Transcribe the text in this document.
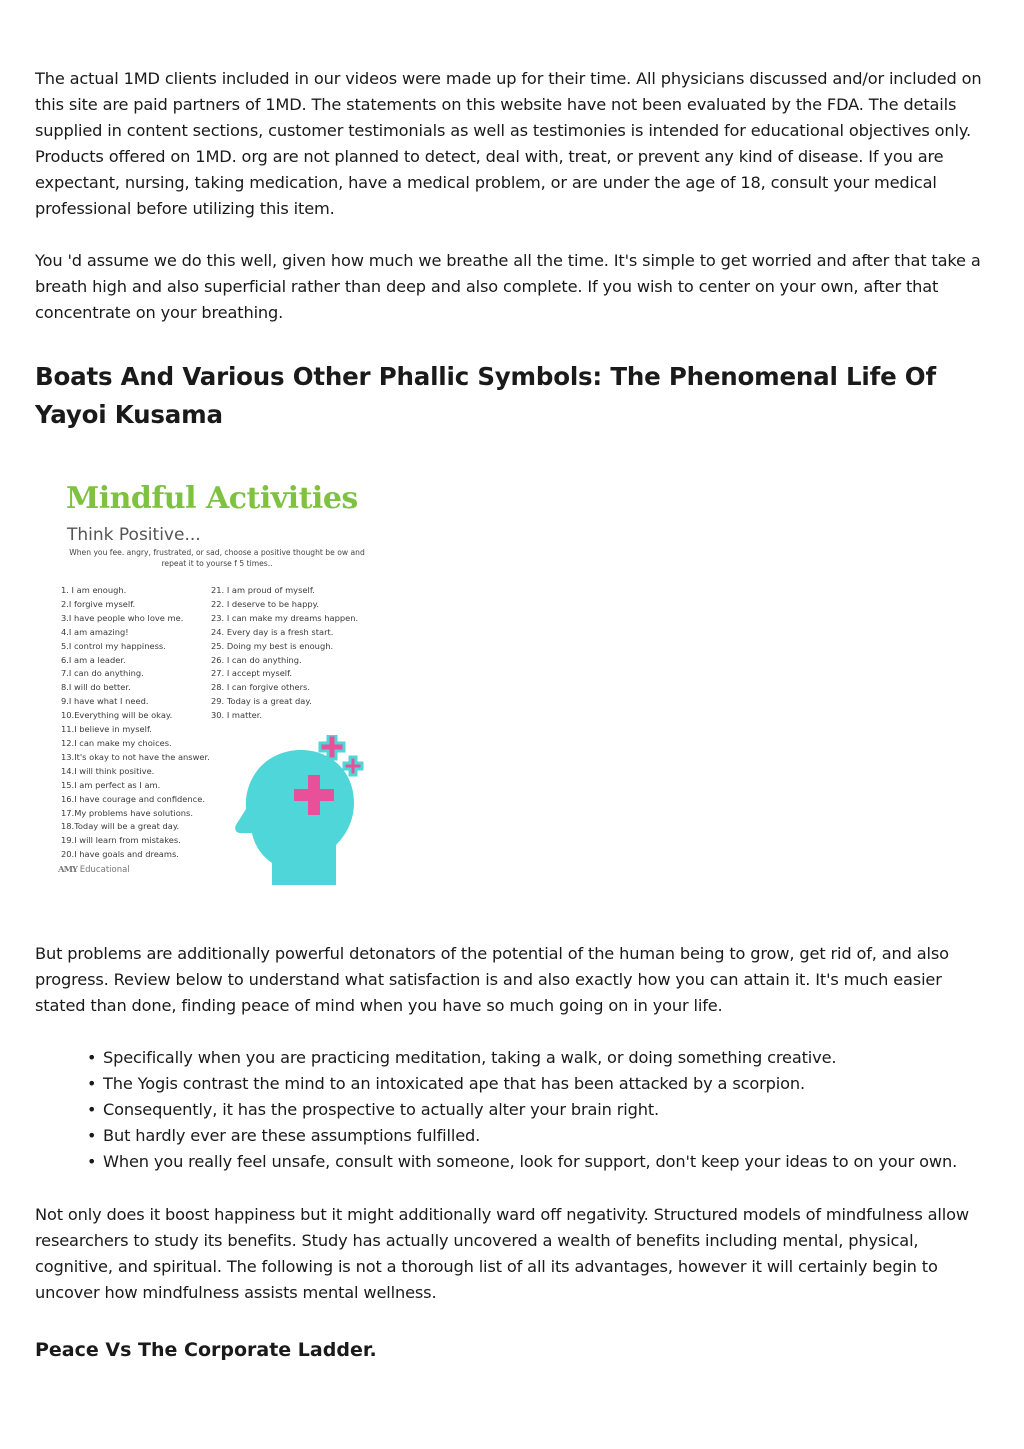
The actual 1MD clients included in our videos were made up for their time. All physicians discussed and/or included on this site are paid partners of 1MD. The statements on this website have not been evaluated by the FDA. The details supplied in content sections, customer testimonials as well as testimonies is intended for educational objectives only. Products offered on 1MD. org are not planned to detect, deal with, treat, or prevent any kind of disease. If you are expectant, nursing, taking medication, have a medical problem, or are under the age of 18, consult your medical professional before utilizing this item.

You 'd assume we do this well, given how much we breathe all the time. It's simple to get worried and after that take a breath high and also superficial rather than deep and also complete. If you wish to center on your own, after that concentrate on your breathing.

Boats And Various Other Phallic Symbols: The Phenomenal Life Of Yayoi Kusama

But problems are additionally powerful detonators of the potential of the human being to grow, get rid of, and also progress. Review below to understand what satisfaction is and also exactly how you can attain it. It's much easier stated than done, finding peace of mind when you have so much going on in your life.

• Specifically when you are practicing meditation, taking a walk, or doing something creative.
• The Yogis contrast the mind to an intoxicated ape that has been attacked by a scorpion.
• Consequently, it has the prospective to actually alter your brain right.
• But hardly ever are these assumptions fulfilled.
• When you really feel unsafe, consult with someone, look for support, don't keep your ideas to on your own.

Not only does it boost happiness but it might additionally ward off negativity. Structured models of mindfulness allow researchers to study its benefits. Study has actually uncovered a wealth of benefits including mental, physical, cognitive, and spiritual. The following is not a thorough list of all its advantages, however it will certainly begin to uncover how mindfulness assists mental wellness.

Peace Vs The Corporate Ladder.
Mindful Activities
Think Positive...
When you fee. angry, frustrated, or sad, choose a positive thought be ow and repeat it to yourse f 5 times..
1. I am enough.
2.I forgive myself.
3.I have people who love me.
4.I am amazing!
5.I control my happiness.
6.I am a leader.
7.I can do anything.
8.I will do better.
9.I have what I need.
10.Everything will be okay.
11.I believe in myself.
12.I can make my choices.
13.It's okay to not have the answer.
14.I will think positive.
15.I am perfect as I am.
16.I have courage and confidence.
17.My problems have solutions.
18.Today will be a great day.
19.I will learn from mistakes.
20.I have goals and dreams.
21. I am proud of myself.
22. I deserve to be happy.
23. I can make my dreams happen.
24. Every day is a fresh start.
25. Doing my best is enough.
26. I can do anything.
27. I accept myself.
28. I can forgive others.
29. Today is a great day.
30. I matter.
AMY Educational
